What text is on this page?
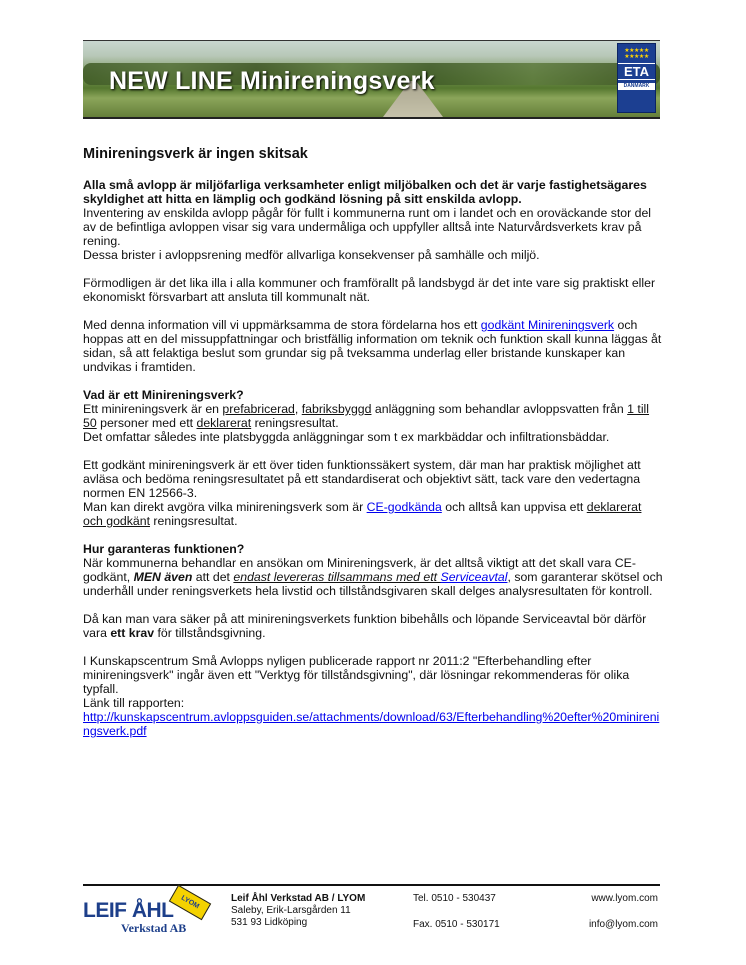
NEW LINE Minireningsverk
★★★★★
★★★★★
ETA
DANMARK
Minireningsverk är ingen skitsak

Alla små avlopp är miljöfarliga verksamheter enligt miljöbalken och det är varje fastighetsägares skyldighet att hitta en lämplig och godkänd lösning på sitt enskilda avlopp.
Inventering av enskilda avlopp pågår för fullt i kommunerna runt om i landet och en oroväckande stor del av de befintliga avloppen visar sig vara undermåliga och uppfyller alltså inte Naturvårdsverkets krav på rening.
Dessa brister i avloppsrening medför allvarliga konsekvenser på samhälle och miljö.

Förmodligen är det lika illa i alla kommuner och framförallt på landsbygd är det inte vare sig praktiskt eller ekonomiskt försvarbart att ansluta till kommunalt nät.

Med denna information vill vi uppmärksamma de stora fördelarna hos ett godkänt Minireningsverk och hoppas att en del missuppfattningar och bristfällig information om teknik och funktion skall kunna läggas åt sidan, så att felaktiga beslut som grundar sig på tveksamma underlag eller bristande kunskaper kan undvikas i framtiden.

Vad är ett Minireningsverk?
Ett minireningsverk är en prefabricerad, fabriksbyggd anläggning som behandlar avloppsvatten från 1 till 50 personer med ett deklarerat reningsresultat.
Det omfattar således inte platsbyggda anläggningar som t ex markbäddar och infiltrationsbäddar.

Ett godkänt minireningsverk är ett över tiden funktionssäkert system, där man har praktisk möjlighet att avläsa och bedöma reningsresultatet på ett standardiserat och objektivt sätt, tack vare den vedertagna normen EN 12566-3.
Man kan direkt avgöra vilka minireningsverk som är CE-godkända och alltså kan uppvisa ett deklarerat och godkänt reningsresultat.

Hur garanteras funktionen?
När kommunerna behandlar en ansökan om Minireningsverk, är det alltså viktigt att det skall vara CE-godkänt, MEN även att det endast levereras tillsammans med ett Serviceavtal, som garanterar skötsel och underhåll under reningsverkets hela livstid och tillståndsgivaren skall delges analysresultaten för kontroll.

Då kan man vara säker på att minireningsverkets funktion bibehålls och löpande Serviceavtal bör därför vara ett krav för tillståndsgivning.

I Kunskapscentrum Små Avlopps nyligen publicerade rapport nr 2011:2 "Efterbehandling efter minireningsverk" ingår även ett "Verktyg för tillståndsgivning", där lösningar rekommenderas för olika typfall.
Länk till rapporten:
http://kunskapscentrum.avloppsguiden.se/attachments/download/63/Efterbehandling%20efter%20minireningsverk.pdf

LYOM
LEIF ÅHL
Verkstad AB
Leif Åhl Verkstad AB / LYOM
Saleby, Erik-Larsgården 11
531 93 Lidköping
Tel. 0510 - 530437
Fax. 0510 - 530171
www.lyom.com
info@lyom.com
